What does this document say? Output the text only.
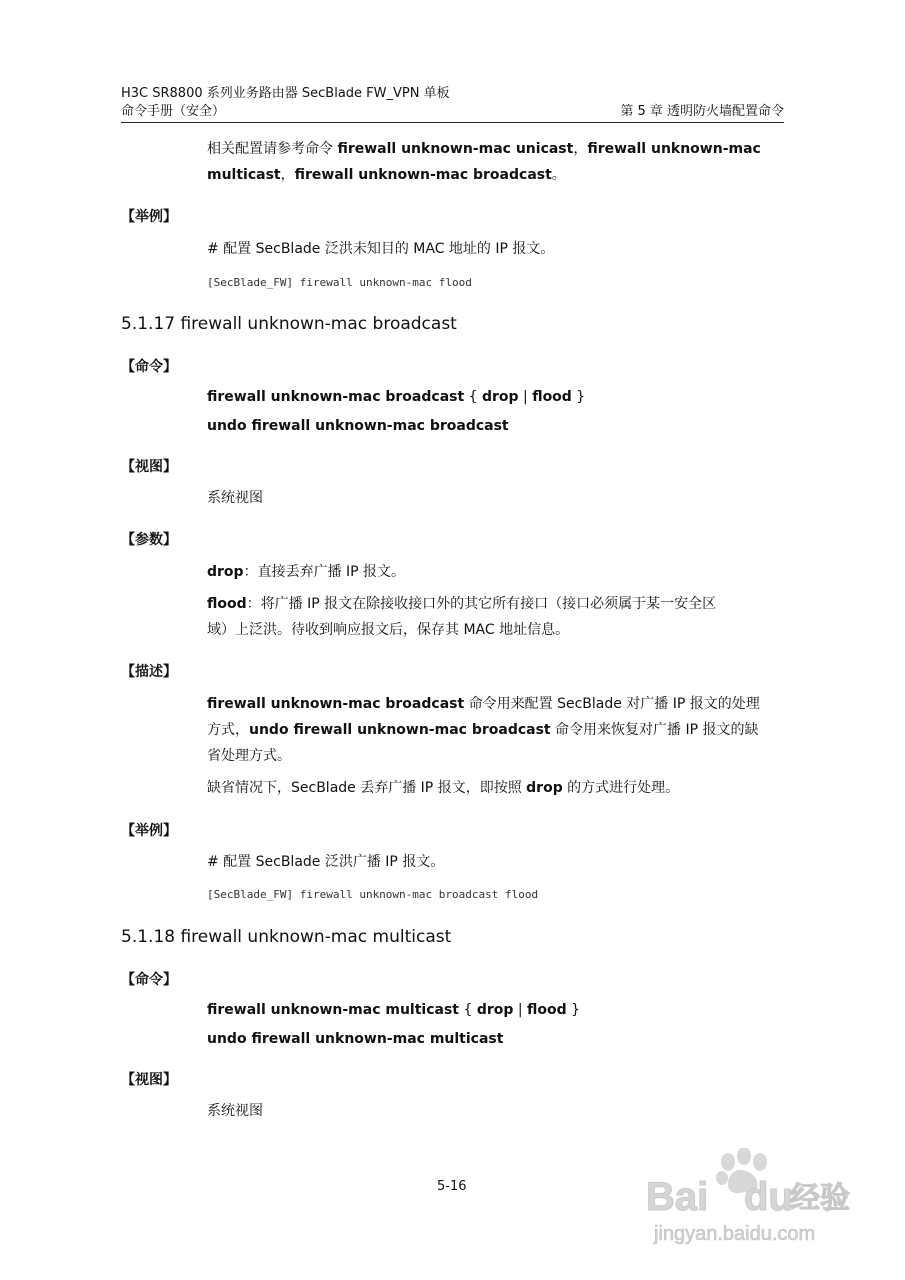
H3C SR8800 系列业务路由器 SecBlade FW_VPN 单板
命令手册（安全）	第 5 章 透明防火墙配置命令
相关配置请参考命令 firewall unknown-mac unicast，firewall unknown-mac
multicast，firewall unknown-mac broadcast。
【举例】
# 配置 SecBlade 泛洪未知目的 MAC 地址的 IP 报文。
[SecBlade_FW] firewall unknown-mac flood
5.1.17 firewall unknown-mac broadcast
【命令】
firewall unknown-mac broadcast { drop | flood }
undo firewall unknown-mac broadcast
【视图】
系统视图
【参数】
drop：直接丢弃广播 IP 报文。
flood：将广播 IP 报文在除接收接口外的其它所有接口（接口必须属于某一安全区
域）上泛洪。待收到响应报文后，保存其 MAC 地址信息。
【描述】
firewall unknown-mac broadcast 命令用来配置 SecBlade 对广播 IP 报文的处理
方式，undo firewall unknown-mac broadcast 命令用来恢复对广播 IP 报文的缺
省处理方式。
缺省情况下，SecBlade 丢弃广播 IP 报文，即按照 drop 的方式进行处理。
【举例】
# 配置 SecBlade 泛洪广播 IP 报文。
[SecBlade_FW] firewall unknown-mac broadcast flood
5.1.18 firewall unknown-mac multicast
【命令】
firewall unknown-mac multicast { drop | flood }
undo firewall unknown-mac multicast
【视图】
系统视图
5-16	Bai du
经验
jingyan.baidu.com
